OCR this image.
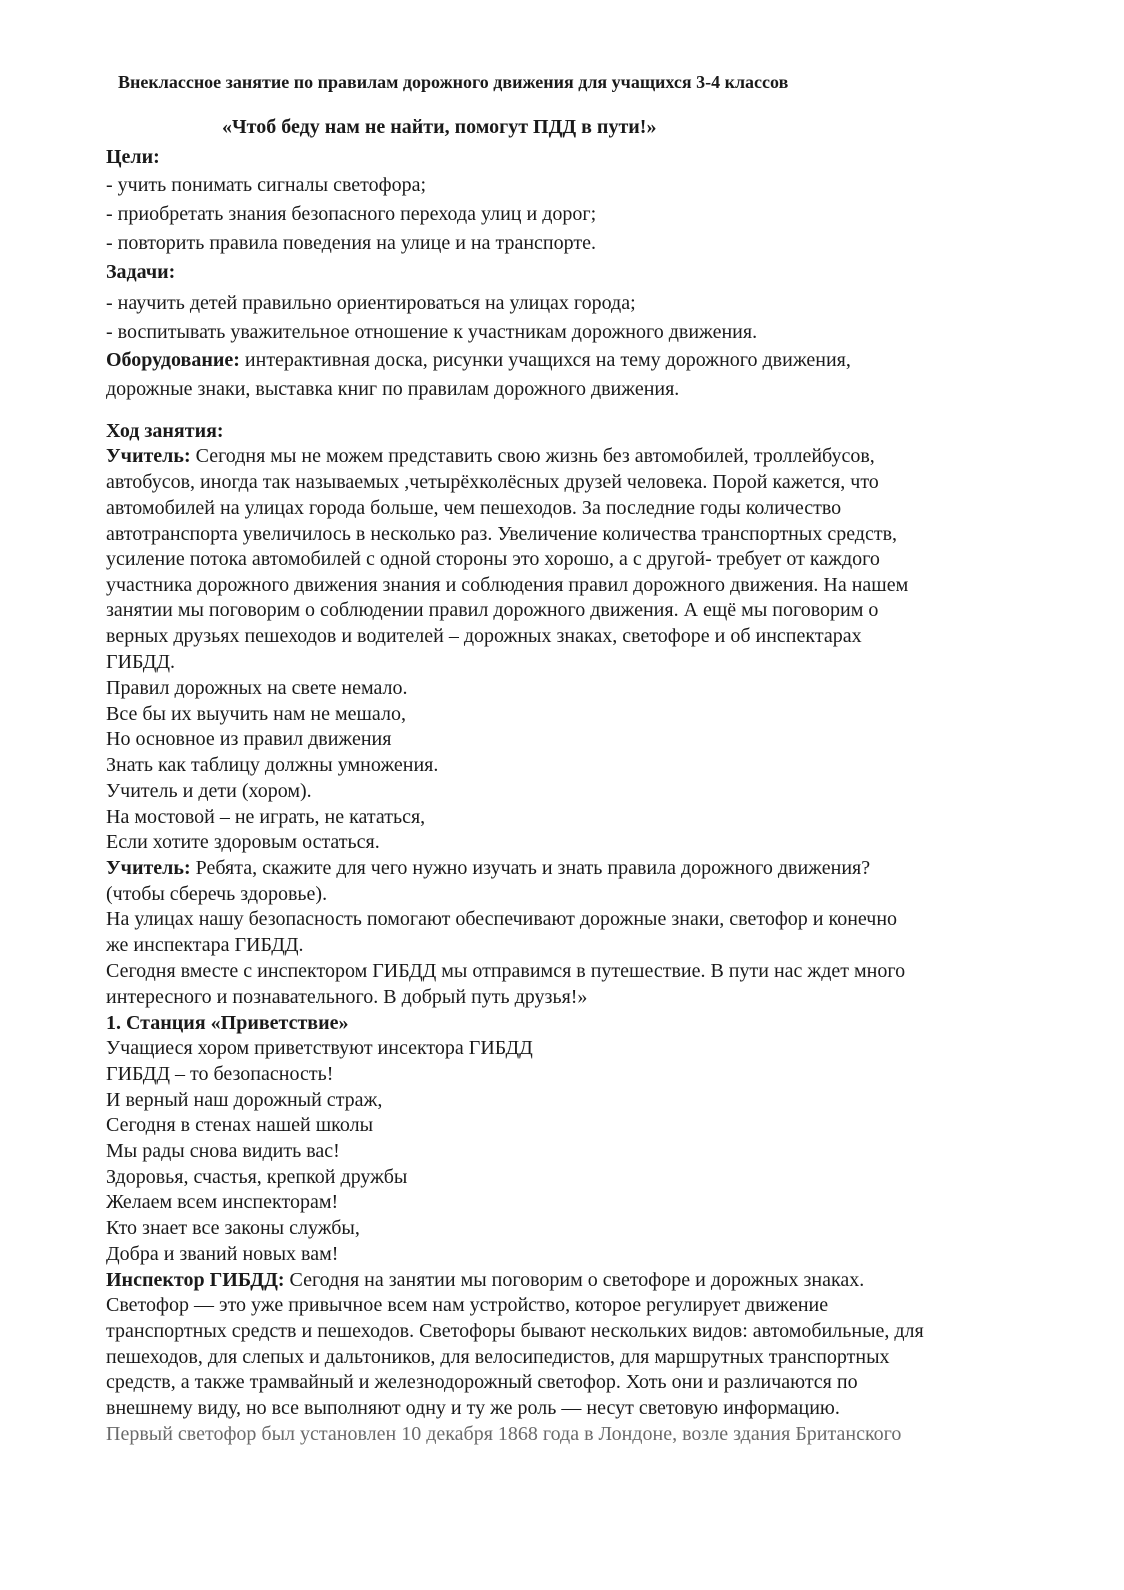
Внеклассное занятие по правилам дорожного движения для учащихся 3-4 классов
«Чтоб беду нам не найти, помогут ПДД в пути!»
Цели:
- учить понимать сигналы светофора;
- приобретать знания безопасного перехода улиц и дорог;
- повторить правила поведения на улице и на транспорте.
Задачи:
- научить детей правильно ориентироваться на улицах города;
- воспитывать уважительное отношение к участникам дорожного движения.
Оборудование: интерактивная доска, рисунки учащихся на тему дорожного движения,
дорожные знаки, выставка книг по правилам дорожного движения.
Ход занятия:
Учитель: Сегодня мы не можем представить свою жизнь без автомобилей, троллейбусов,
автобусов, иногда так называемых ,четырёхколёсных друзей человека. Порой кажется, что
автомобилей на улицах города больше, чем пешеходов. За последние годы количество
автотранспорта увеличилось в несколько раз. Увеличение количества транспортных средств,
усиление потока автомобилей с одной стороны это хорошо, а с другой- требует от каждого
участника дорожного движения знания и соблюдения правил дорожного движения. На нашем
занятии мы поговорим о соблюдении правил дорожного движения. А ещё мы поговорим о
верных друзьях пешеходов и водителей – дорожных знаках, светофоре и об инспектарах
ГИБДД.
Правил дорожных на свете немало.
Все бы их выучить нам не мешало,
Но основное из правил движения
Знать как таблицу должны умножения.
Учитель и дети (хором).
На мостовой – не играть, не кататься,
Если хотите здоровым остаться.
Учитель: Ребята, скажите для чего нужно изучать и знать правила дорожного движения?
(чтобы сберечь здоровье).
На улицах нашу безопасность помогают обеспечивают дорожные знаки, светофор и конечно
же инспектара ГИБДД.
Сегодня вместе с инспектором ГИБДД мы отправимся в путешествие. В пути нас ждет много
интересного и познавательного. В добрый путь друзья!»
1. Станция «Приветствие»
Учащиеся хором приветствуют инсектора ГИБДД
ГИБДД – то безопасность!
И верный наш дорожный страж,
Сегодня в стенах нашей школы
Мы рады снова видить вас!
Здоровья, счастья, крепкой дружбы
Желаем всем инспекторам!
Кто знает все законы службы,
Добра и званий новых вам!
Инспектор ГИБДД: Сегодня на занятии мы поговорим о светофоре и дорожных знаках.
Светофор — это уже привычное всем нам устройство, которое регулирует движение
транспортных средств и пешеходов. Светофоры бывают нескольких видов: автомобильные, для
пешеходов, для слепых и дальтоников, для велосипедистов, для маршрутных транспортных
средств, а также трамвайный и железнодорожный светофор. Хоть они и различаются по
внешнему виду, но все выполняют одну и ту же роль — несут световую информацию.
Первый светофор был установлен 10 декабря 1868 года в Лондоне, возле здания Британского
